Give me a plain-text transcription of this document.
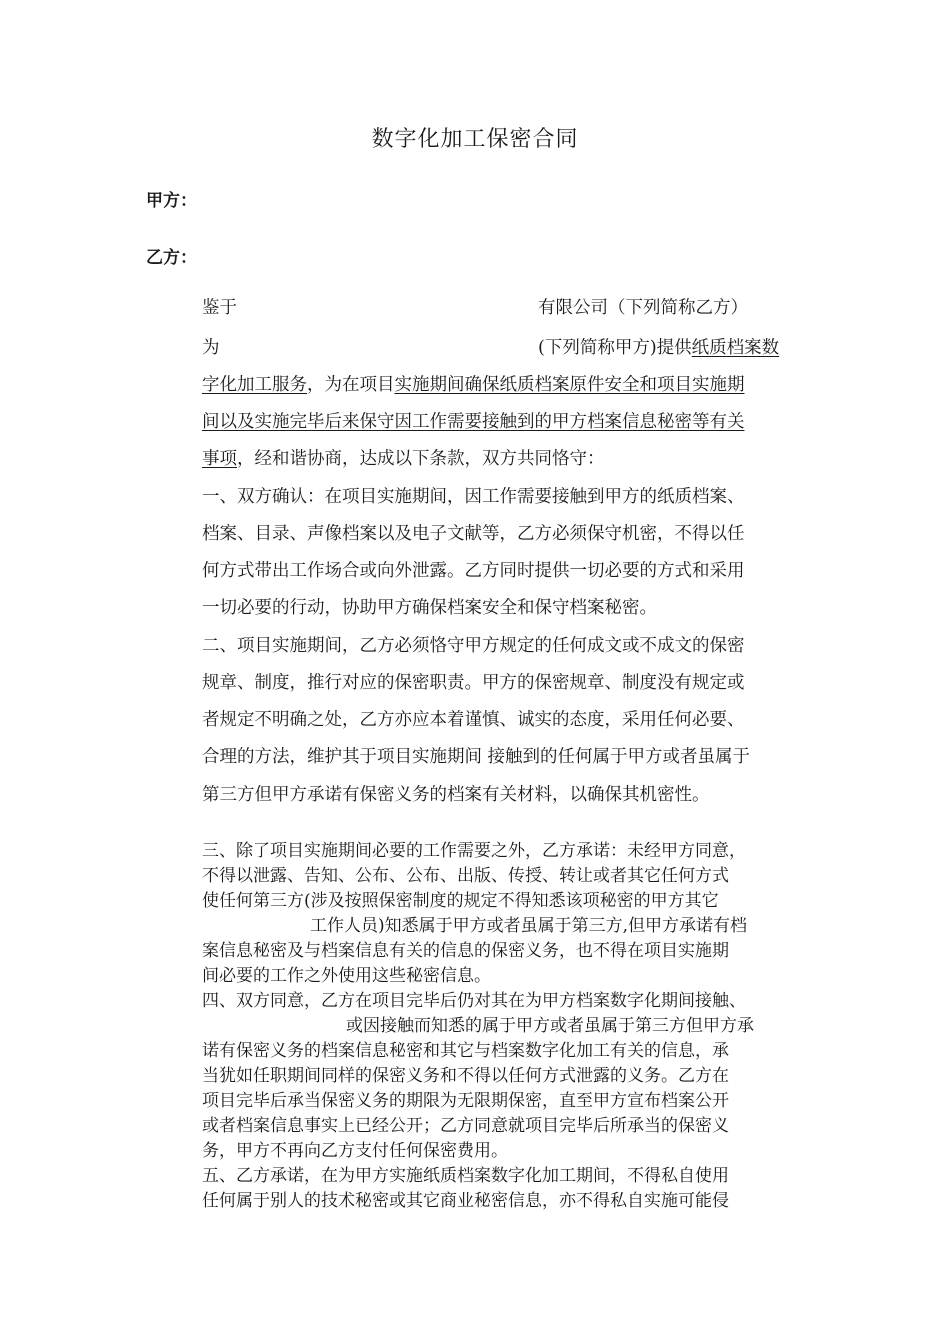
数字化加工保密合同
甲方：
乙方：
鉴于	有限公司（下列简称乙方）
为	(下列简称甲方)提供纸质档案数
字化加工服务，为在项目实施期间确保纸质档案原件安全和项目实施期
间以及实施完毕后来保守因工作需要接触到的甲方档案信息秘密等有关
事项，经和谐协商，达成以下条款，双方共同恪守：
一、双方确认：在项目实施期间，因工作需要接触到甲方的纸质档案、
档案、目录、声像档案以及电子文献等，乙方必须保守机密，不得以任
何方式带出工作场合或向外泄露。乙方同时提供一切必要的方式和采用
一切必要的行动，协助甲方确保档案安全和保守档案秘密。
二、项目实施期间，乙方必须恪守甲方规定的任何成文或不成文的保密
规章、制度，推行对应的保密职责。甲方的保密规章、制度没有规定或
者规定不明确之处，乙方亦应本着谨慎、诚实的态度，采用任何必要、
合理的方法，维护其于项目实施期间 接触到的任何属于甲方或者虽属于
第三方但甲方承诺有保密义务的档案有关材料，以确保其机密性。
三、除了项目实施期间必要的工作需要之外，乙方承诺：未经甲方同意，
不得以泄露、告知、公布、公布、出版、传授、转让或者其它任何方式
使任何第三方(涉及按照保密制度的规定不得知悉该项秘密的甲方其它
工作人员)知悉属于甲方或者虽属于第三方,但甲方承诺有档
案信息秘密及与档案信息有关的信息的保密义务，也不得在项目实施期
间必要的工作之外使用这些秘密信息。
四、双方同意，乙方在项目完毕后仍对其在为甲方档案数字化期间接触、
或因接触而知悉的属于甲方或者虽属于第三方但甲方承
诺有保密义务的档案信息秘密和其它与档案数字化加工有关的信息，承
当犹如任职期间同样的保密义务和不得以任何方式泄露的义务。乙方在
项目完毕后承当保密义务的期限为无限期保密，直至甲方宣布档案公开
或者档案信息事实上已经公开；乙方同意就项目完毕后所承当的保密义
务，甲方不再向乙方支付任何保密费用。
五、乙方承诺，在为甲方实施纸质档案数字化加工期间，不得私自使用
任何属于别人的技术秘密或其它商业秘密信息，亦不得私自实施可能侵
